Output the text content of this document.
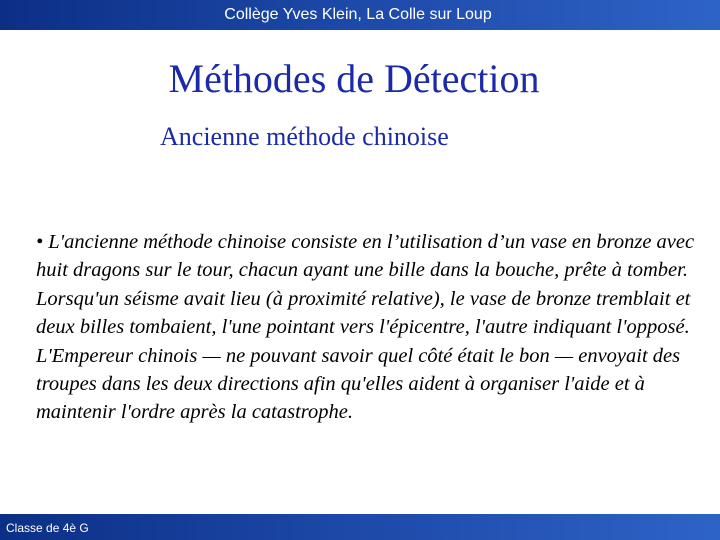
Collège Yves Klein, La Colle sur Loup
Méthodes de Détection
Ancienne méthode chinoise

• L'ancienne méthode chinoise consiste en l’utilisation d’un vase en bronze avec huit dragons sur le tour, chacun ayant une bille dans la bouche, prête à tomber. Lorsqu'un séisme avait lieu (à proximité relative), le vase de bronze tremblait et deux billes tombaient, l'une pointant vers l'épicentre, l'autre indiquant l'opposé. L'Empereur chinois — ne pouvant savoir quel côté était le bon — envoyait des troupes dans les deux directions afin qu'elles aident à organiser l'aide et à maintenir l'ordre après la catastrophe.

Classe de 4è G
